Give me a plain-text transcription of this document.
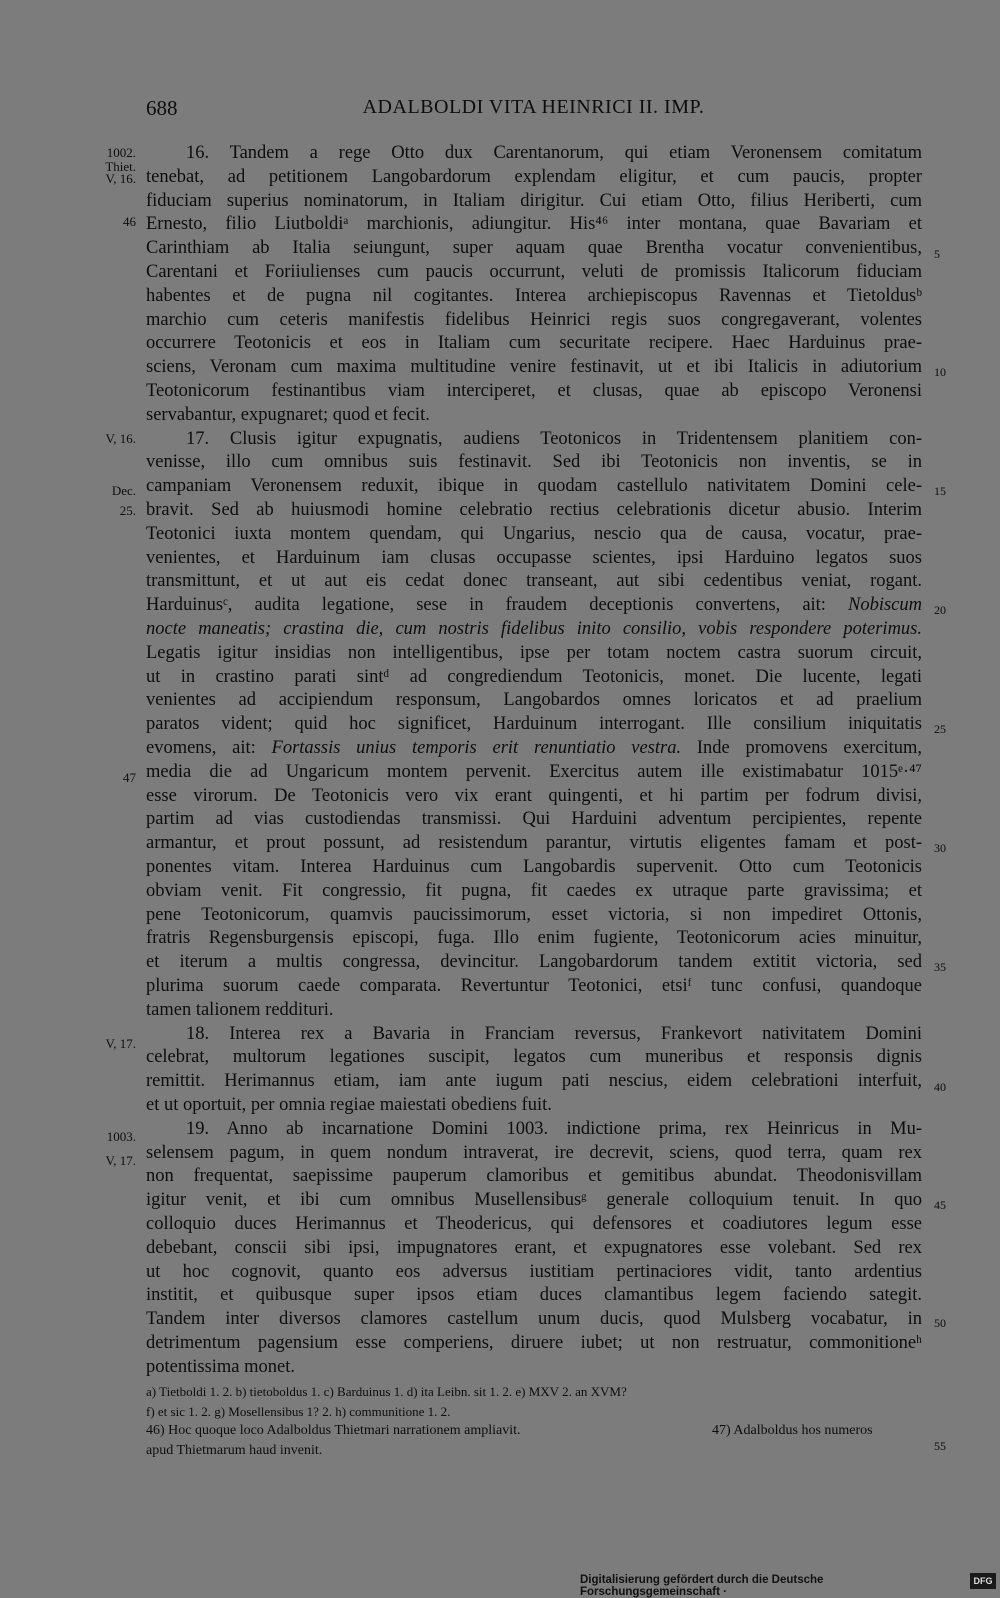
688	ADALBOLDI VITA HEINRICI II. IMP.
1002.
Thiet.
V, 16.
46
V, 16.
Dec.
25.
47
V, 17.
1003.
V, 17.
5
10
15
20
25
30
35
40
45
50
55
16. Tandem a rege Otto dux Carentanorum, qui etiam Veronensem comitatum
tenebat, ad petitionem Langobardorum explendam eligitur, et cum paucis, propter
fiduciam superius nominatorum, in Italiam dirigitur. Cui etiam Otto, filius Heriberti, cum
Ernesto, filio Liutboldiᵃ marchionis, adiungitur. His⁴⁶ inter montana, quae Bavariam et
Carinthiam ab Italia seiungunt, super aquam quae Brentha vocatur convenientibus,
Carentani et Foriiulienses cum paucis occurrunt, veluti de promissis Italicorum fiduciam
habentes et de pugna nil cogitantes. Interea archiepiscopus Ravennas et Tietoldusᵇ
marchio cum ceteris manifestis fidelibus Heinrici regis suos congregaverant, volentes
occurrere Teotonicis et eos in Italiam cum securitate recipere. Haec Harduinus prae-
sciens, Veronam cum maxima multitudine venire festinavit, ut et ibi Italicis in adiutorium
Teotonicorum festinantibus viam interciperet, et clusas, quae ab episcopo Veronensi
servabantur, expugnaret; quod et fecit.
17. Clusis igitur expugnatis, audiens Teotonicos in Tridentensem planitiem con-
venisse, illo cum omnibus suis festinavit. Sed ibi Teotonicis non inventis, se in
campaniam Veronensem reduxit, ibique in quodam castellulo nativitatem Domini cele-
bravit. Sed ab huiusmodi homine celebratio rectius celebrationis dicetur abusio. Interim
Teotonici iuxta montem quendam, qui Ungarius, nescio qua de causa, vocatur, prae-
venientes, et Harduinum iam clusas occupasse scientes, ipsi Harduino legatos suos
transmittunt, et ut aut eis cedat donec transeant, aut sibi cedentibus veniat, rogant.
Harduinusᶜ, audita legatione, sese in fraudem deceptionis convertens, ait: Nobiscum
nocte maneatis; crastina die, cum nostris fidelibus inito consilio, vobis respondere poterimus.
Legatis igitur insidias non intelligentibus, ipse per totam noctem castra suorum circuit,
ut in crastino parati sintᵈ ad congrediendum Teotonicis, monet. Die lucente, legati
venientes ad accipiendum responsum, Langobardos omnes loricatos et ad praelium
paratos vident; quid hoc significet, Harduinum interrogant. Ille consilium iniquitatis
evomens, ait: Fortassis unius temporis erit renuntiatio vestra. Inde promovens exercitum,
media die ad Ungaricum montem pervenit. Exercitus autem ille existimabatur 1015ᵉ·⁴⁷
esse virorum. De Teotonicis vero vix erant quingenti, et hi partim per fodrum divisi,
partim ad vias custodiendas transmissi. Qui Harduini adventum percipientes, repente
armantur, et prout possunt, ad resistendum parantur, virtutis eligentes famam et post-
ponentes vitam. Interea Harduinus cum Langobardis supervenit. Otto cum Teotonicis
obviam venit. Fit congressio, fit pugna, fit caedes ex utraque parte gravissima; et
pene Teotonicorum, quamvis paucissimorum, esset victoria, si non impediret Ottonis,
fratris Regensburgensis episcopi, fuga. Illo enim fugiente, Teotonicorum acies minuitur,
et iterum a multis congressa, devincitur. Langobardorum tandem extitit victoria, sed
plurima suorum caede comparata. Revertuntur Teotonici, etsiᶠ tunc confusi, quandoque
tamen talionem reddituri.
18. Interea rex a Bavaria in Franciam reversus, Frankevort nativitatem Domini
celebrat, multorum legationes suscipit, legatos cum muneribus et responsis dignis
remittit. Herimannus etiam, iam ante iugum pati nescius, eidem celebrationi interfuit,
et ut oportuit, per omnia regiae maiestati obediens fuit.
19. Anno ab incarnatione Domini 1003. indictione prima, rex Heinricus in Mu-
selensem pagum, in quem nondum intraverat, ire decrevit, sciens, quod terra, quam rex
non frequentat, saepissime pauperum clamoribus et gemitibus abundat. Theodonisvillam
igitur venit, et ibi cum omnibus Musellensibusᵍ generale colloquium tenuit. In quo
colloquio duces Herimannus et Theodericus, qui defensores et coadiutores legum esse
debebant, conscii sibi ipsi, impugnatores erant, et expugnatores esse volebant. Sed rex
ut hoc cognovit, quanto eos adversus iustitiam pertinaciores vidit, tanto ardentius
institit, et quibusque super ipsos etiam duces clamantibus legem faciendo sategit.
Tandem inter diversos clamores castellum unum ducis, quod Mulsberg vocabatur, in
detrimentum pagensium esse comperiens, diruere iubet; ut non restruatur, commonitioneʰ
potentissima monet.
a) Tietboldi 1. 2. b) tietoboldus 1. c) Barduinus 1. d) ita Leibn. sit 1. 2. e) MXV 2. an XVM?
f) et sic 1. 2. g) Mosellensibus 1? 2. h) communitione 1. 2.
46) Hoc quoque loco Adalboldus Thietmari narrationem ampliavit.	47) Adalboldus hos numeros
apud Thietmarum haud invenit.
Digitalisierung gefördert durch die Deutsche Forschungsgemeinschaft ·
DFG
